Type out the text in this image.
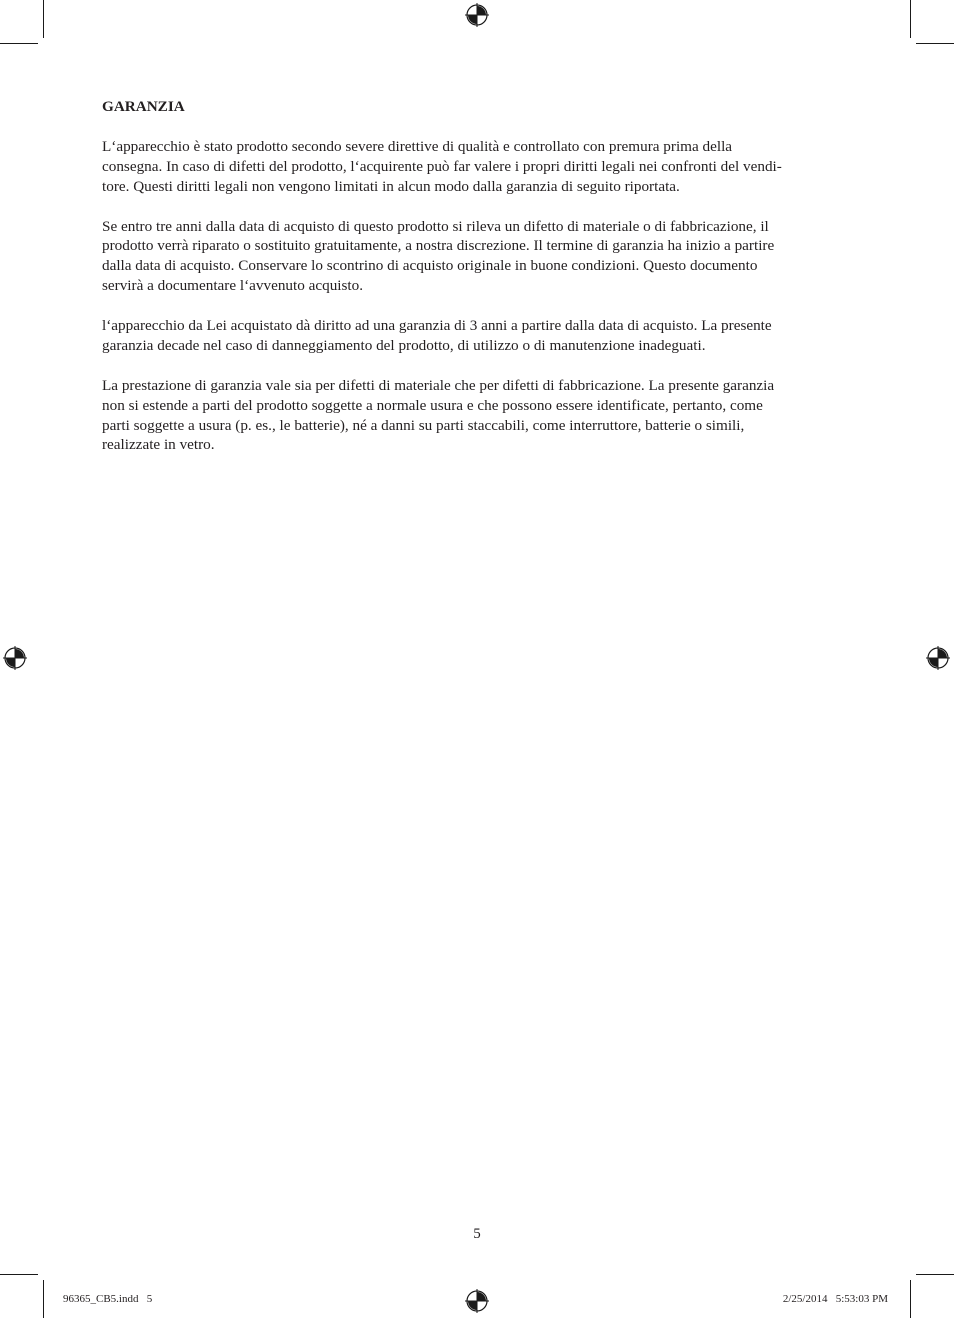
GARANZIA

L‘apparecchio è stato prodotto secondo severe direttive di qualità e controllato con premura prima della
consegna. In caso di difetti del prodotto, l‘acquirente può far valere i propri diritti legali nei confronti del vendi-
tore. Questi diritti legali non vengono limitati in alcun modo dalla garanzia di seguito riportata.

Se entro tre anni dalla data di acquisto di questo prodotto si rileva un difetto di materiale o di fabbricazione, il
prodotto verrà riparato o sostituito gratuitamente, a nostra discrezione. Il termine di garanzia ha inizio a partire
dalla data di acquisto. Conservare lo scontrino di acquisto originale in buone condizioni. Questo documento
servirà a documentare l‘avvenuto acquisto.

l‘apparecchio da Lei acquistato dà diritto ad una garanzia di 3 anni a partire dalla data di acquisto. La presente
garanzia decade nel caso di danneggiamento del prodotto, di utilizzo o di manutenzione inadeguati.

La prestazione di garanzia vale sia per difetti di materiale che per difetti di fabbricazione. La presente garanzia
non si estende a parti del prodotto soggette a normale usura e che possono essere identificate, pertanto, come
parti soggette a usura (p. es., le batterie), né a danni su parti staccabili, come interruttore, batterie o simili,
realizzate in vetro.

5
96365_CB5.indd   5	2/25/2014   5:53:03 PM
